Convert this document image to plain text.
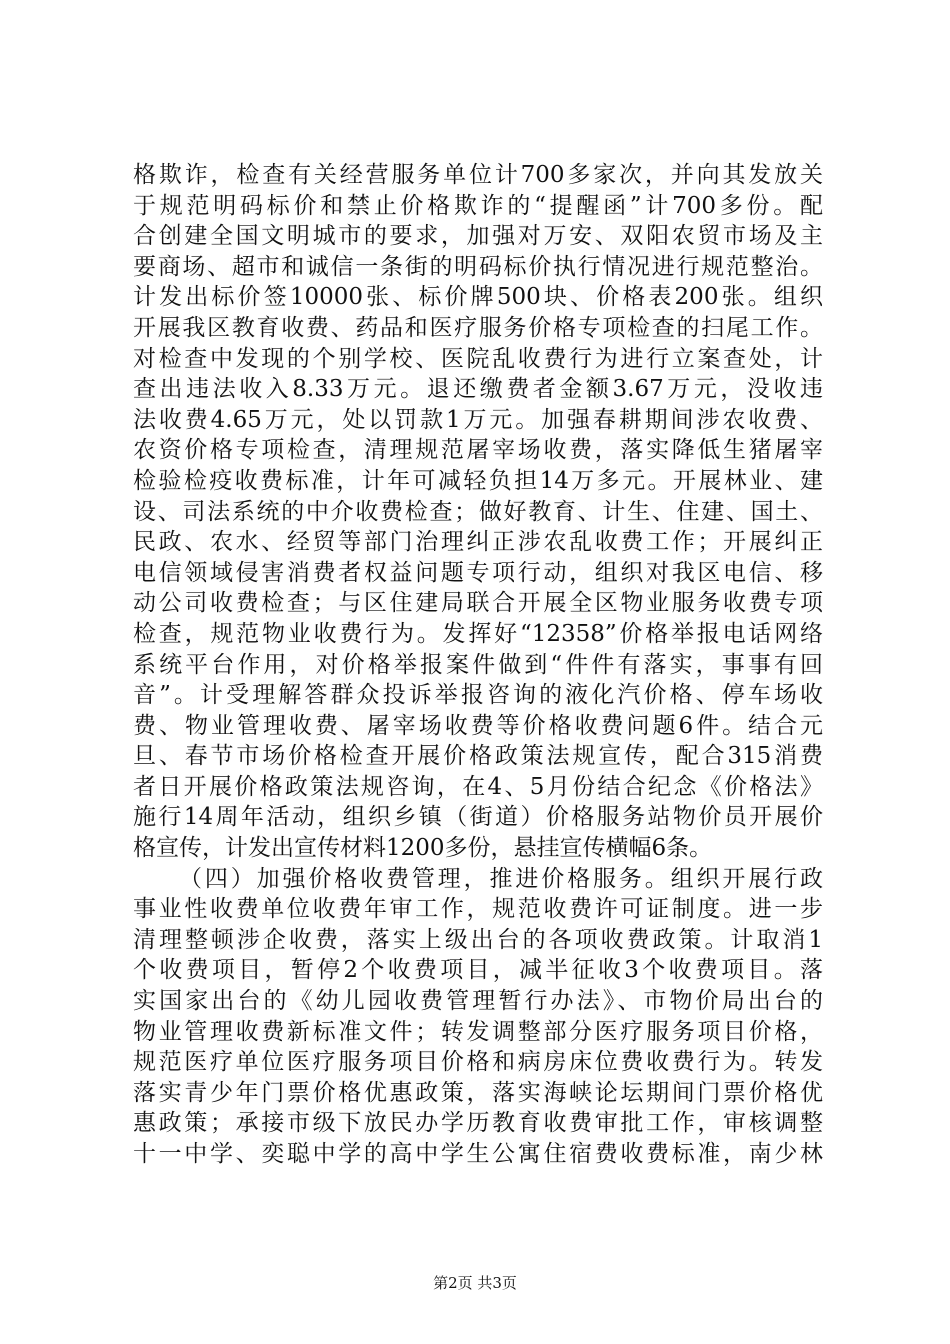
格欺诈，检查有关经营服务单位计700多家次，并向其发放关
于规范明码标价和禁止价格欺诈的“提醒函”计700多份。配
合创建全国文明城市的要求，加强对万安、双阳农贸市场及主
要商场、超市和诚信一条街的明码标价执行情况进行规范整治。
计发出标价签10000张、标价牌500块、价格表200张。组织
开展我区教育收费、药品和医疗服务价格专项检查的扫尾工作。
对检查中发现的个别学校、医院乱收费行为进行立案查处，计
查出违法收入8.33万元。退还缴费者金额3.67万元，没收违
法收费4.65万元，处以罚款1万元。加强春耕期间涉农收费、
农资价格专项检查，清理规范屠宰场收费，落实降低生猪屠宰
检验检疫收费标准，计年可减轻负担14万多元。开展林业、建
设、司法系统的中介收费检查；做好教育、计生、住建、国土、
民政、农水、经贸等部门治理纠正涉农乱收费工作；开展纠正
电信领域侵害消费者权益问题专项行动，组织对我区电信、移
动公司收费检查；与区住建局联合开展全区物业服务收费专项
检查，规范物业收费行为。发挥好“12358”价格举报电话网络
系统平台作用，对价格举报案件做到“件件有落实，事事有回
音”。计受理解答群众投诉举报咨询的液化汽价格、停车场收
费、物业管理收费、屠宰场收费等价格收费问题6件。结合元
旦、春节市场价格检查开展价格政策法规宣传，配合315消费
者日开展价格政策法规咨询，在4、5月份结合纪念《价格法》
施行14周年活动，组织乡镇（街道）价格服务站物价员开展价
格宣传，计发出宣传材料1200多份，悬挂宣传横幅6条。
（四）加强价格收费管理，推进价格服务。组织开展行政
事业性收费单位收费年审工作，规范收费许可证制度。进一步
清理整顿涉企收费，落实上级出台的各项收费政策。计取消1
个收费项目，暂停2个收费项目，减半征收3个收费项目。落
实国家出台的《幼儿园收费管理暂行办法》、市物价局出台的
物业管理收费新标准文件；转发调整部分医疗服务项目价格，
规范医疗单位医疗服务项目价格和病房床位费收费行为。转发
落实青少年门票价格优惠政策，落实海峡论坛期间门票价格优
惠政策；承接市级下放民办学历教育收费审批工作，审核调整
十一中学、奕聪中学的高中学生公寓住宿费收费标准，南少林
第2页 共3页
